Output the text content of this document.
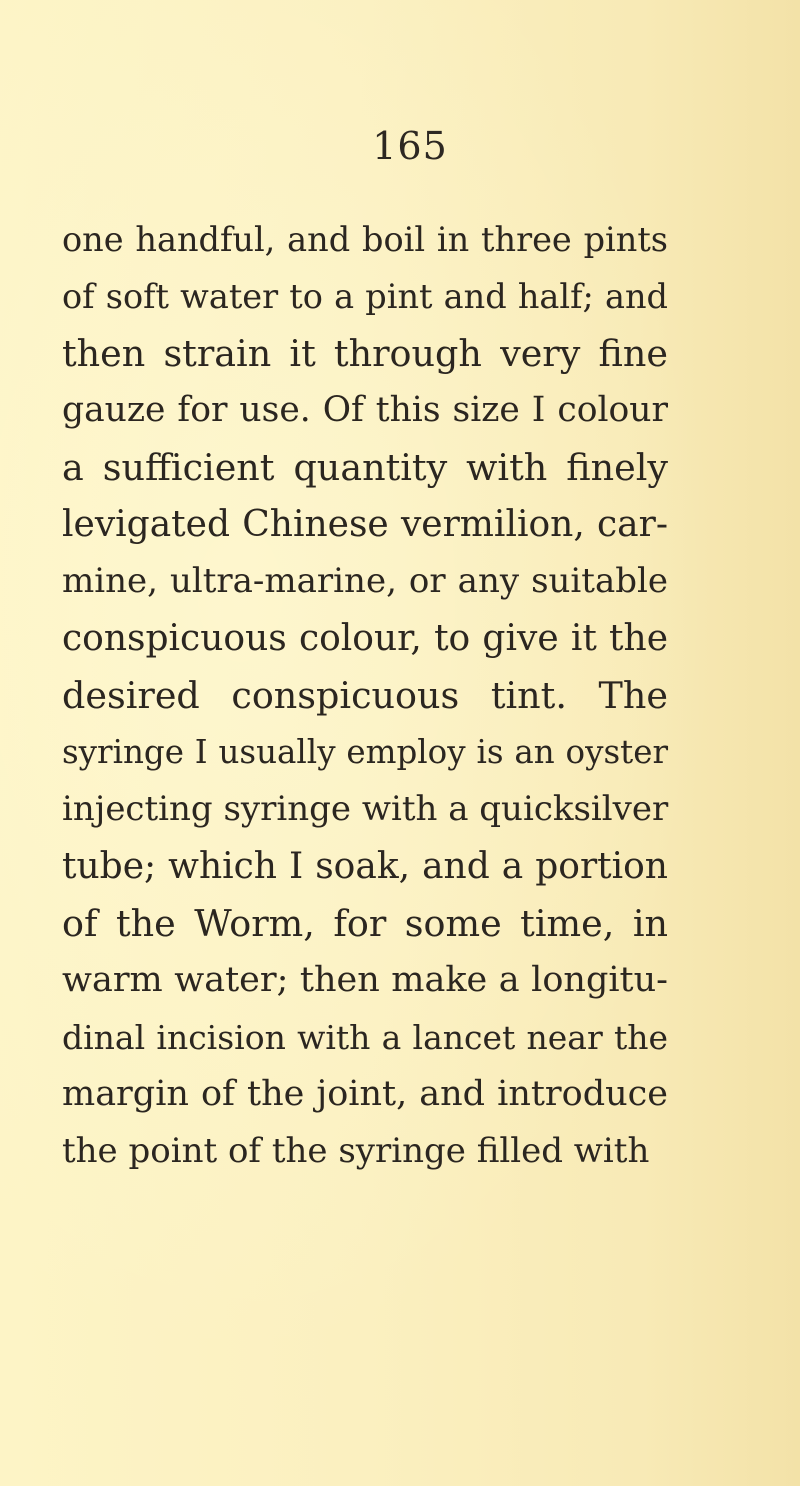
165
one handful, and boil in three pints
of soft water to a pint and half; and
then strain it through very fine
gauze for use. Of this size I colour
a sufficient quantity with finely
levigated Chinese vermilion, car-
mine, ultra-marine, or any suitable
conspicuous colour, to give it the
desired conspicuous tint. The
syringe I usually employ is an oyster
injecting syringe with a quicksilver
tube; which I soak, and a portion
of the Worm, for some time, in
warm water; then make a longitu-
dinal incision with a lancet near the
margin of the joint, and introduce
the point of the syringe filled with
